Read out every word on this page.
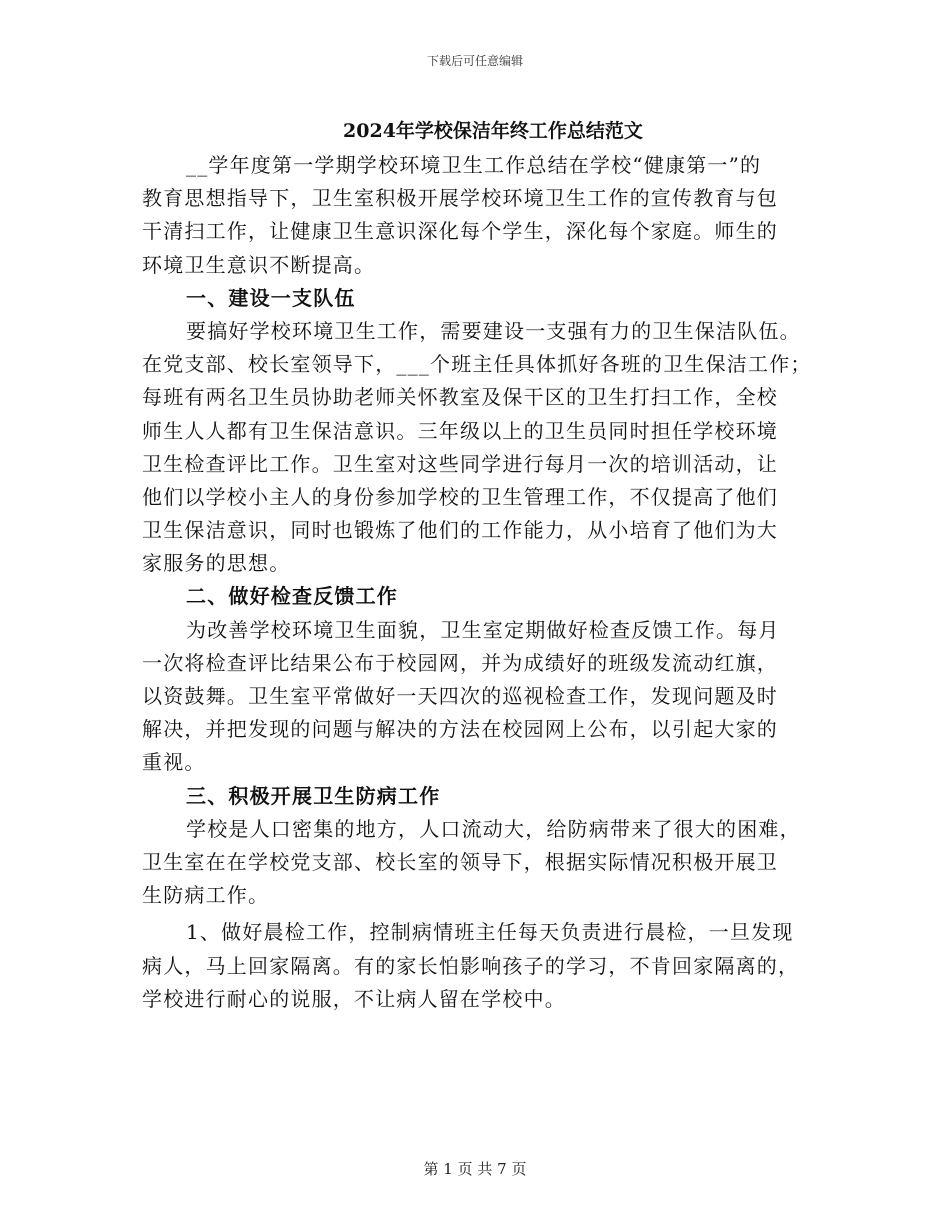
下载后可任意编辑
2024年学校保洁年终工作总结范文
__学年度第一学期学校环境卫生工作总结在学校“健康第一”的
教育思想指导下，卫生室积极开展学校环境卫生工作的宣传教育与包
干清扫工作，让健康卫生意识深化每个学生，深化每个家庭。师生的
环境卫生意识不断提高。
一、建设一支队伍
要搞好学校环境卫生工作，需要建设一支强有力的卫生保洁队伍。
在党支部、校长室领导下，___个班主任具体抓好各班的卫生保洁工作；
每班有两名卫生员协助老师关怀教室及保干区的卫生打扫工作，全校
师生人人都有卫生保洁意识。三年级以上的卫生员同时担任学校环境
卫生检查评比工作。卫生室对这些同学进行每月一次的培训活动，让
他们以学校小主人的身份参加学校的卫生管理工作，不仅提高了他们
卫生保洁意识，同时也锻炼了他们的工作能力，从小培育了他们为大
家服务的思想。
二、做好检查反馈工作
为改善学校环境卫生面貌，卫生室定期做好检查反馈工作。每月
一次将检查评比结果公布于校园网，并为成绩好的班级发流动红旗，
以资鼓舞。卫生室平常做好一天四次的巡视检查工作，发现问题及时
解决，并把发现的问题与解决的方法在校园网上公布，以引起大家的
重视。
三、积极开展卫生防病工作
学校是人口密集的地方，人口流动大，给防病带来了很大的困难，
卫生室在在学校党支部、校长室的领导下，根据实际情况积极开展卫
生防病工作。
1、做好晨检工作，控制病情班主任每天负责进行晨检，一旦发现
病人，马上回家隔离。有的家长怕影响孩子的学习，不肯回家隔离的，
学校进行耐心的说服，不让病人留在学校中。
第 1 页 共 7 页
